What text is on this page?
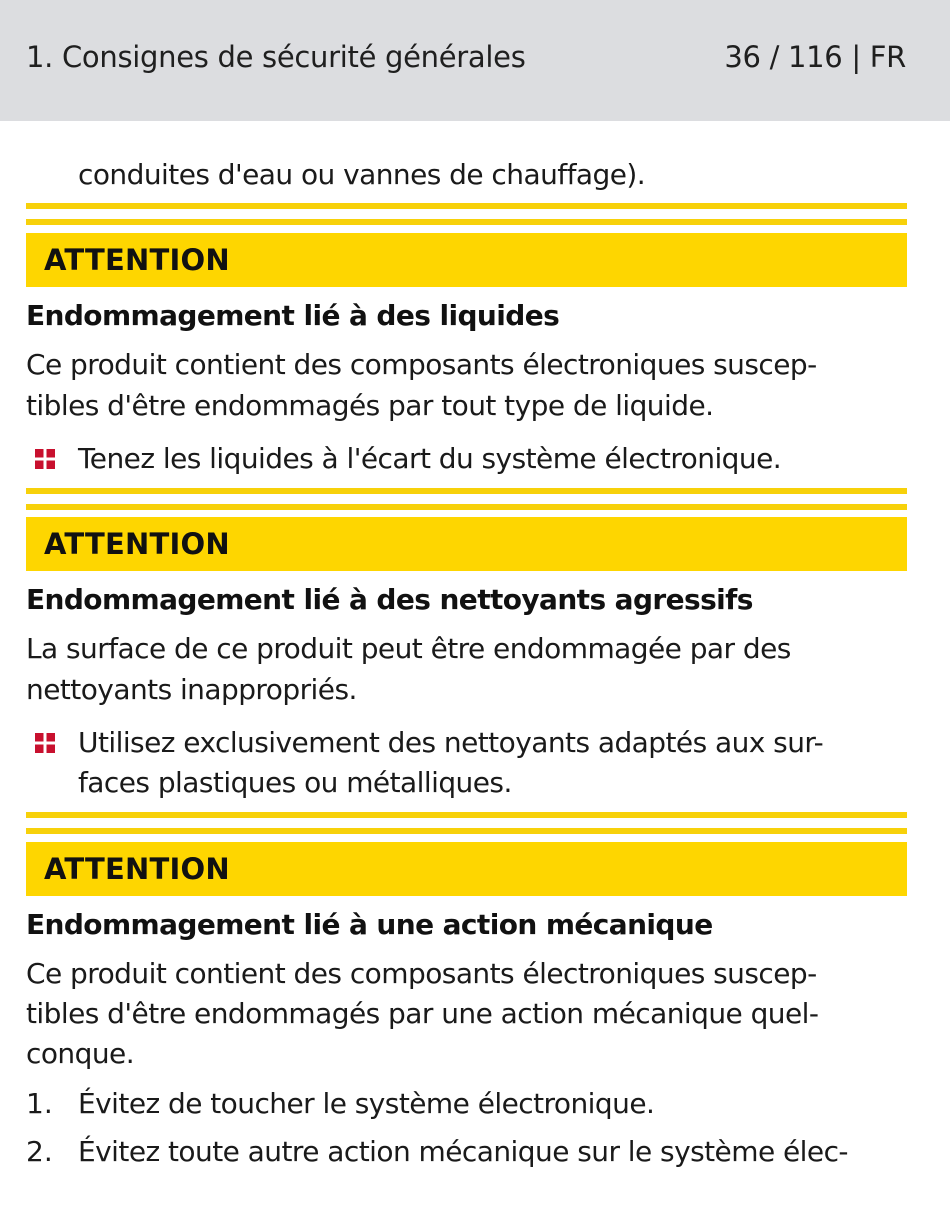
1. Consignes de sécurité générales	36 / 116 | FR
conduites d'eau ou vannes de chauffage).
ATTENTION
Endommagement lié à des liquides
Ce produit contient des composants électroniques suscep-
tibles d'être endommagés par tout type de liquide.
Tenez les liquides à l'écart du système électronique.
ATTENTION
Endommagement lié à des nettoyants agressifs
La surface de ce produit peut être endommagée par des
nettoyants inappropriés.
Utilisez exclusivement des nettoyants adaptés aux sur-
faces plastiques ou métalliques.
ATTENTION
Endommagement lié à une action mécanique
Ce produit contient des composants électroniques suscep-
tibles d'être endommagés par une action mécanique quel-
conque.
1. Évitez de toucher le système électronique.
2. Évitez toute autre action mécanique sur le système élec-
